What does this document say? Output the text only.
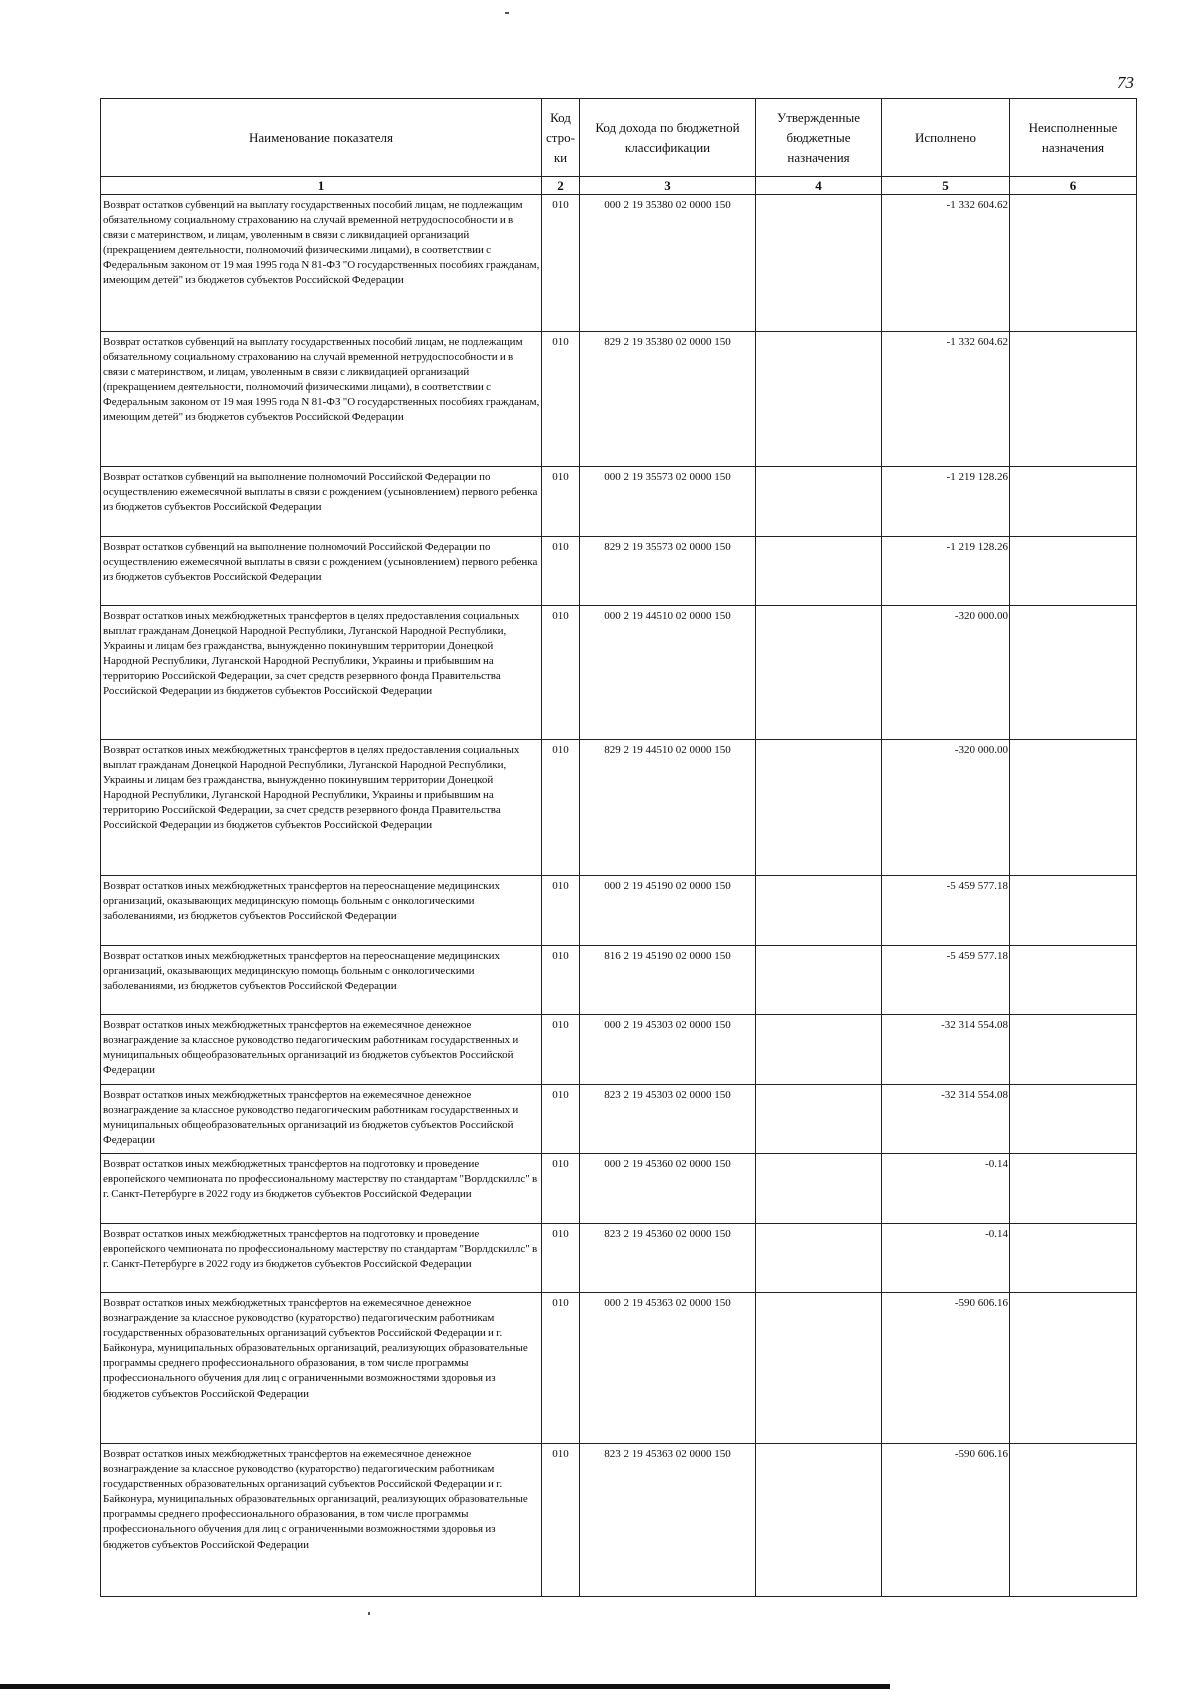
73
Наименование показателя	Код стро-ки	Код дохода по бюджетной классификации	Утвержденные бюджетные назначения	Исполнено	Неисполненные назначения
1	2	3	4	5	6
Возврат остатков субвенций на выплату государственных пособий лицам, не подлежащим обязательному социальному страхованию на случай временной нетрудоспособности и в связи с материнством, и лицам, уволенным в связи с ликвидацией организаций (прекращением деятельности, полномочий физическими лицами), в соответствии с Федеральным законом от 19 мая 1995 года N 81-ФЗ "О государственных пособиях гражданам, имеющим детей" из бюджетов субъектов Российской Федерации	010	000 2 19 35380 02 0000 150		-1 332 604.62	
Возврат остатков субвенций на выплату государственных пособий лицам, не подлежащим обязательному социальному страхованию на случай временной нетрудоспособности и в связи с материнством, и лицам, уволенным в связи с ликвидацией организаций (прекращением деятельности, полномочий физическими лицами), в соответствии с Федеральным законом от 19 мая 1995 года N 81-ФЗ "О государственных пособиях гражданам, имеющим детей" из бюджетов субъектов Российской Федерации	010	829 2 19 35380 02 0000 150		-1 332 604.62	
Возврат остатков субвенций на выполнение полномочий Российской Федерации по осуществлению ежемесячной выплаты в связи с рождением (усыновлением) первого ребенка из бюджетов субъектов Российской Федерации	010	000 2 19 35573 02 0000 150		-1 219 128.26	
Возврат остатков субвенций на выполнение полномочий Российской Федерации по осуществлению ежемесячной выплаты в связи с рождением (усыновлением) первого ребенка из бюджетов субъектов Российской Федерации	010	829 2 19 35573 02 0000 150		-1 219 128.26	
Возврат остатков иных межбюджетных трансфертов в целях предоставления социальных выплат гражданам Донецкой Народной Республики, Луганской Народной Республики, Украины и лицам без гражданства, вынужденно покинувшим территории Донецкой Народной Республики, Луганской Народной Республики, Украины и прибывшим на территорию Российской Федерации, за счет средств резервного фонда Правительства Российской Федерации из бюджетов субъектов Российской Федерации	010	000 2 19 44510 02 0000 150		-320 000.00	
Возврат остатков иных межбюджетных трансфертов в целях предоставления социальных выплат гражданам Донецкой Народной Республики, Луганской Народной Республики, Украины и лицам без гражданства, вынужденно покинувшим территории Донецкой Народной Республики, Луганской Народной Республики, Украины и прибывшим на территорию Российской Федерации, за счет средств резервного фонда Правительства Российской Федерации из бюджетов субъектов Российской Федерации	010	829 2 19 44510 02 0000 150		-320 000.00	
Возврат остатков иных межбюджетных трансфертов на переоснащение медицинских организаций, оказывающих медицинскую помощь больным с онкологическими заболеваниями, из бюджетов субъектов Российской Федерации	010	000 2 19 45190 02 0000 150		-5 459 577.18	
Возврат остатков иных межбюджетных трансфертов на переоснащение медицинских организаций, оказывающих медицинскую помощь больным с онкологическими заболеваниями, из бюджетов субъектов Российской Федерации	010	816 2 19 45190 02 0000 150		-5 459 577.18	
Возврат остатков иных межбюджетных трансфертов на ежемесячное денежное вознаграждение за классное руководство педагогическим работникам государственных и муниципальных общеобразовательных организаций из бюджетов субъектов Российской Федерации	010	000 2 19 45303 02 0000 150		-32 314 554.08	
Возврат остатков иных межбюджетных трансфертов на ежемесячное денежное вознаграждение за классное руководство педагогическим работникам государственных и муниципальных общеобразовательных организаций из бюджетов субъектов Российской Федерации	010	823 2 19 45303 02 0000 150		-32 314 554.08	
Возврат остатков иных межбюджетных трансфертов на подготовку и проведение европейского чемпионата по профессиональному мастерству по стандартам "Ворлдскиллс" в г. Санкт-Петербурге в 2022 году из бюджетов субъектов Российской Федерации	010	000 2 19 45360 02 0000 150		-0.14	
Возврат остатков иных межбюджетных трансфертов на подготовку и проведение европейского чемпионата по профессиональному мастерству по стандартам "Ворлдскиллс" в г. Санкт-Петербурге в 2022 году из бюджетов субъектов Российской Федерации	010	823 2 19 45360 02 0000 150		-0.14	
Возврат остатков иных межбюджетных трансфертов на ежемесячное денежное вознаграждение за классное руководство (кураторство) педагогическим работникам государственных образовательных организаций субъектов Российской Федерации и г. Байконура, муниципальных образовательных организаций, реализующих образовательные программы среднего профессионального образования, в том числе программы профессионального обучения для лиц с ограниченными возможностями здоровья из бюджетов субъектов Российской Федерации	010	000 2 19 45363 02 0000 150		-590 606.16	
Возврат остатков иных межбюджетных трансфертов на ежемесячное денежное вознаграждение за классное руководство (кураторство) педагогическим работникам государственных образовательных организаций субъектов Российской Федерации и г. Байконура, муниципальных образовательных организаций, реализующих образовательные программы среднего профессионального образования, в том числе программы профессионального обучения для лиц с ограниченными возможностями здоровья из бюджетов субъектов Российской Федерации	010	823 2 19 45363 02 0000 150		-590 606.16	
